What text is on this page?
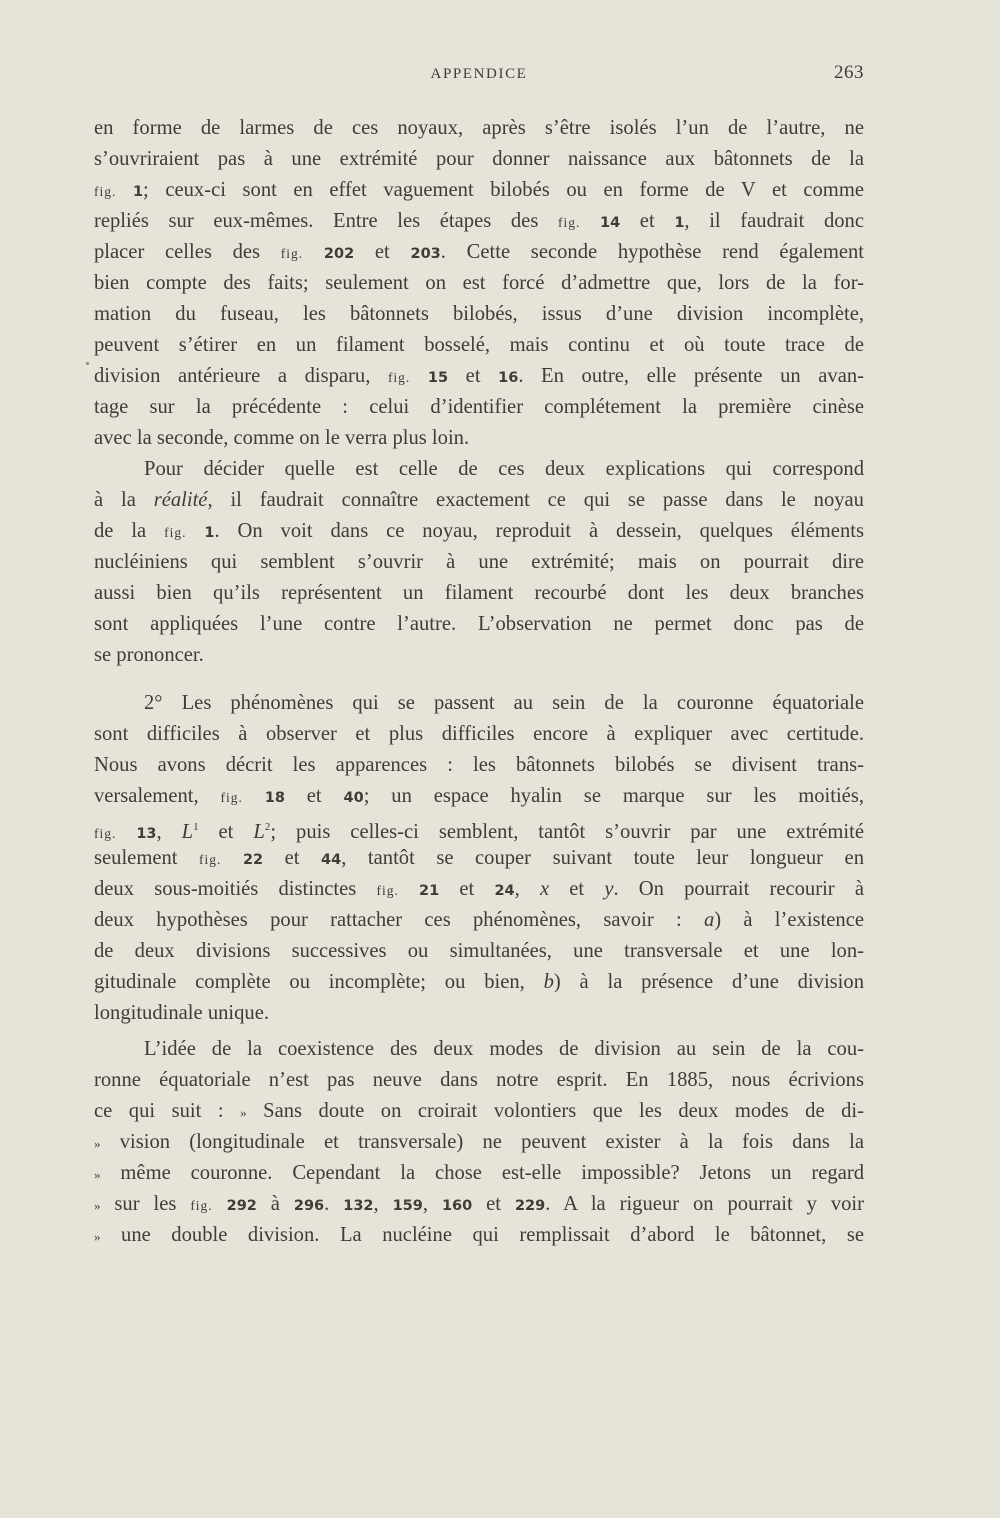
APPENDICE	263
en forme de larmes de ces noyaux, après s’être isolés l’un de l’autre, ne
s’ouvriraient pas à une extrémité pour donner naissance aux bâtonnets de la
fig. 1; ceux-ci sont en effet vaguement bilobés ou en forme de V et comme
repliés sur eux-mêmes. Entre les étapes des fig. 14 et 1, il faudrait donc
placer celles des fig. 202 et 203. Cette seconde hypothèse rend également
bien compte des faits; seulement on est forcé d’admettre que, lors de la for-
mation du fuseau, les bâtonnets bilobés, issus d’une division incomplète,
peuvent s’étirer en un filament bosselé, mais continu et où toute trace de
division antérieure a disparu, fig. 15 et 16. En outre, elle présente un avan-
tage sur la précédente : celui d’identifier complétement la première cinèse
avec la seconde, comme on le verra plus loin.
Pour décider quelle est celle de ces deux explications qui correspond
à la réalité, il faudrait connaître exactement ce qui se passe dans le noyau
de la fig. 1. On voit dans ce noyau, reproduit à dessein, quelques éléments
nucléiniens qui semblent s’ouvrir à une extrémité; mais on pourrait dire
aussi bien qu’ils représentent un filament recourbé dont les deux branches
sont appliquées l’une contre l’autre. L’observation ne permet donc pas de
se prononcer.
2° Les phénomènes qui se passent au sein de la couronne équatoriale
sont difficiles à observer et plus difficiles encore à expliquer avec certitude.
Nous avons décrit les apparences : les bâtonnets bilobés se divisent trans-
versalement, fig. 18 et 40; un espace hyalin se marque sur les moitiés,
fig. 13, $L^1$ et $L^2$; puis celles-ci semblent, tantôt s’ouvrir par une extrémité
seulement fig. 22 et 44, tantôt se couper suivant toute leur longueur en
deux sous-moitiés distinctes fig. 21 et 24, x et y. On pourrait recourir à
deux hypothèses pour rattacher ces phénomènes, savoir : a) à l’existence
de deux divisions successives ou simultanées, une transversale et une lon-
gitudinale complète ou incomplète; ou bien, b) à la présence d’une division
longitudinale unique.
L’idée de la coexistence des deux modes de division au sein de la cou-
ronne équatoriale n’est pas neuve dans notre esprit. En 1885, nous écrivions
ce qui suit : » Sans doute on croirait volontiers que les deux modes de di-
» vision (longitudinale et transversale) ne peuvent exister à la fois dans la
» même couronne. Cependant la chose est-elle impossible? Jetons un regard
» sur les fig. 292 à 296. 132, 159, 160 et 229. A la rigueur on pourrait y voir
» une double division. La nucléine qui remplissait d’abord le bâtonnet, se
